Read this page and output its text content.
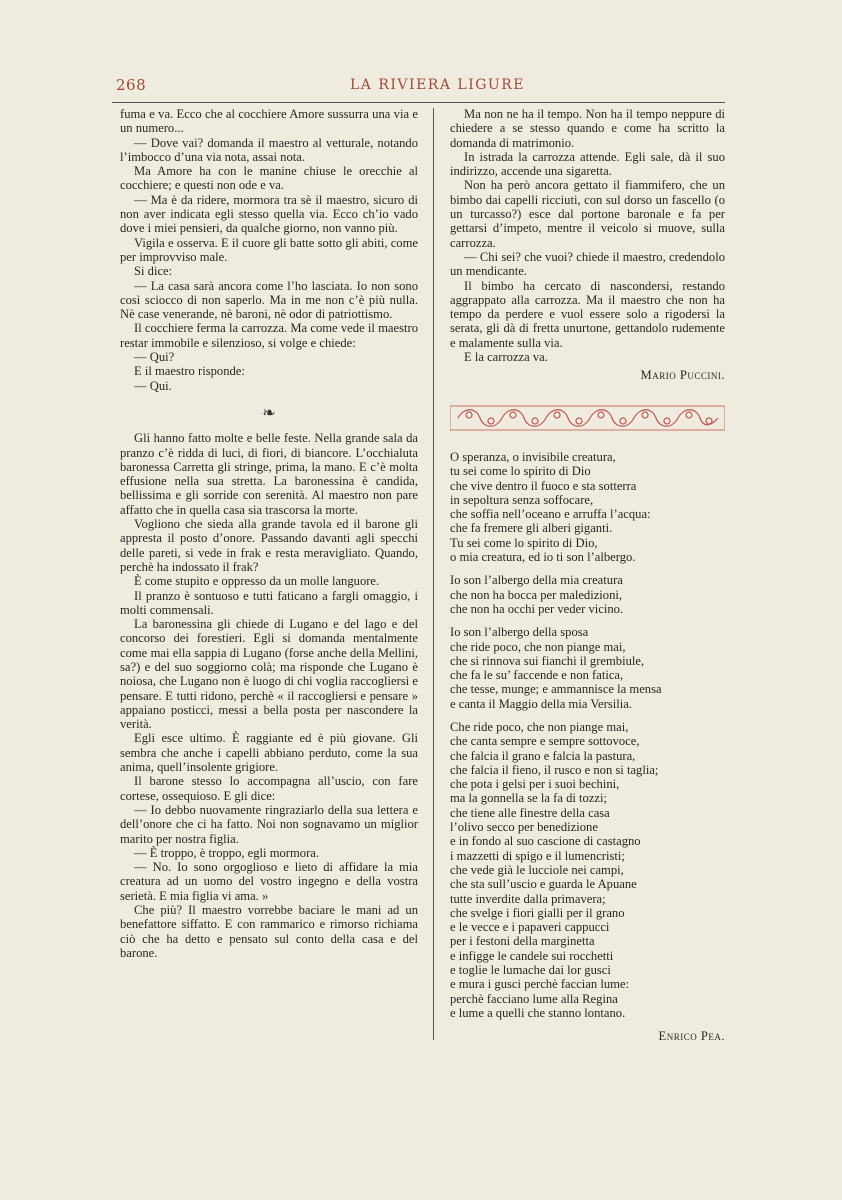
268	LA RIVIERA LIGURE

fuma e va. Ecco che al cocchiere Amore sussurra una via e un numero...

— Dove vai? domanda il maestro al vetturale, notando l’imbocco d’una via nota, assai nota.

Ma Amore ha con le manine chiuse le orecchie al cocchiere; e questi non ode e va.

— Ma è da ridere, mormora tra sè il maestro, sicuro di non aver indicata egli stesso quella via. Ecco ch’io vado dove i miei pensieri, da qualche giorno, non vanno più.

Vigila e osserva. E il cuore gli batte sotto gli abiti, come per improvviso male.

Si dice:

— La casa sarà ancora come l’ho lasciata. Io non sono così sciocco di non saperlo. Ma in me non c’è più nulla. Nè case venerande, nè baroni, nè odor di patriottismo.

Il cocchiere ferma la carrozza. Ma come vede il maestro restar immobile e silenzioso, si volge e chiede:

— Qui?

E il maestro risponde:

— Qui.

❧

Gli hanno fatto molte e belle feste. Nella grande sala da pranzo c’è ridda di luci, di fiori, di biancore. L’occhialuta baronessa Carretta gli stringe, prima, la mano. E c’è molta effusione nella sua stretta. La baronessina è candida, bellissima e gli sorride con serenità. Al maestro non pare affatto che in quella casa sia trascorsa la morte.

Vogliono che sieda alla grande tavola ed il barone gli appresta il posto d’onore. Passando davanti agli specchi delle pareti, si vede in frak e resta meravigliato. Quando, perchè ha indossato il frak?

È come stupito e oppresso da un molle languore.

Il pranzo è sontuoso e tutti faticano a fargli omaggio, i molti commensali.

La baronessina gli chiede di Lugano e del lago e del concorso dei forestieri. Egli si domanda mentalmente come mai ella sappia di Lugano (forse anche della Mellini, sa?) e del suo soggiorno colà; ma risponde che Lugano è noiosa, che Lugano non è luogo di chi voglia raccogliersi e pensare. E tutti ridono, perchè « il raccogliersi e pensare » appaiano posticci, messi a bella posta per nascondere la verità.

Egli esce ultimo. È raggiante ed è più giovane. Gli sembra che anche i capelli abbiano perduto, come la sua anima, quell’insolente grigiore.

Il barone stesso lo accompagna all’uscio, con fare cortese, ossequioso. E gli dice:

— Io debbo nuovamente ringraziarlo della sua lettera e dell’onore che ci ha fatto. Noi non sognavamo un miglior marito per nostra figlia.

— È troppo, è troppo, egli mormora.

— No. Io sono orgoglioso e lieto di affidare la mia creatura ad un uomo del vostro ingegno e della vostra serietà. E mia figlia vi ama. »

Che più? Il maestro vorrebbe baciare le mani ad un benefattore siffatto. E con rammarico e rimorso richiama ciò che ha detto e pensato sul conto della casa e del barone.

Ma non ne ha il tempo. Non ha il tempo neppure di chiedere a se stesso quando e come ha scritto la domanda di matrimonio.

In istrada la carrozza attende. Egli sale, dà il suo indirizzo, accende una sigaretta.

Non ha però ancora gettato il fiammifero, che un bimbo dai capelli ricciuti, con sul dorso un fascello (o un turcasso?) esce dal portone baronale e fa per gettarsi d’impeto, mentre il veicolo si muove, sulla carrozza.

— Chi sei? che vuoi? chiede il maestro, credendolo un mendicante.

Il bimbo ha cercato di nascondersi, restando aggrappato alla carrozza. Ma il maestro che non ha tempo da perdere e vuol essere solo a rigodersi la serata, gli dà di fretta unurtone, gettandolo rudemente e malamente sulla via.

E la carrozza va.

Mario Puccini.
O speranza, o invisibile creatura,
tu sei come lo spirito di Dio
che vive dentro il fuoco e sta sotterra
in sepoltura senza soffocare,
che soffia nell’oceano e arruffa l’acqua:
che fa fremere gli alberi giganti.
Tu sei come lo spirito di Dio,
o mia creatura, ed io ti son l’albergo.
Io son l’albergo della mia creatura
che non ha bocca per maledizioni,
che non ha occhi per veder vicino.
Io son l’albergo della sposa
che ride poco, che non piange mai,
che si rinnova sui fianchi il grembiule,
che fa le su’ faccende e non fatica,
che tesse, munge; e ammannisce la mensa
e canta il Maggio della mia Versilia.
Che ride poco, che non piange mai,
che canta sempre e sempre sottovoce,
che falcia il grano e falcia la pastura,
che falcia il fieno, il rusco e non si taglia;
che pota i gelsi per i suoi bechini,
ma la gonnella se la fa di tozzi;
che tiene alle finestre della casa
l’olivo secco per benedizione
e in fondo al suo cascione di castagno
i mazzetti di spigo e il lumencristi;
che vede già le lucciole nei campi,
che sta sull’uscio e guarda le Apuane
tutte inverdite dalla primavera;
che svelge i fiori gialli per il grano
e le vecce e i papaveri cappucci
per i festoni della marginetta
e infigge le candele sui rocchetti
e toglie le lumache dai lor gusci
e mura i gusci perchè faccian lume:
perchè facciano lume alla Regina
e lume a quelli che stanno lontano.
Enrico Pea.
